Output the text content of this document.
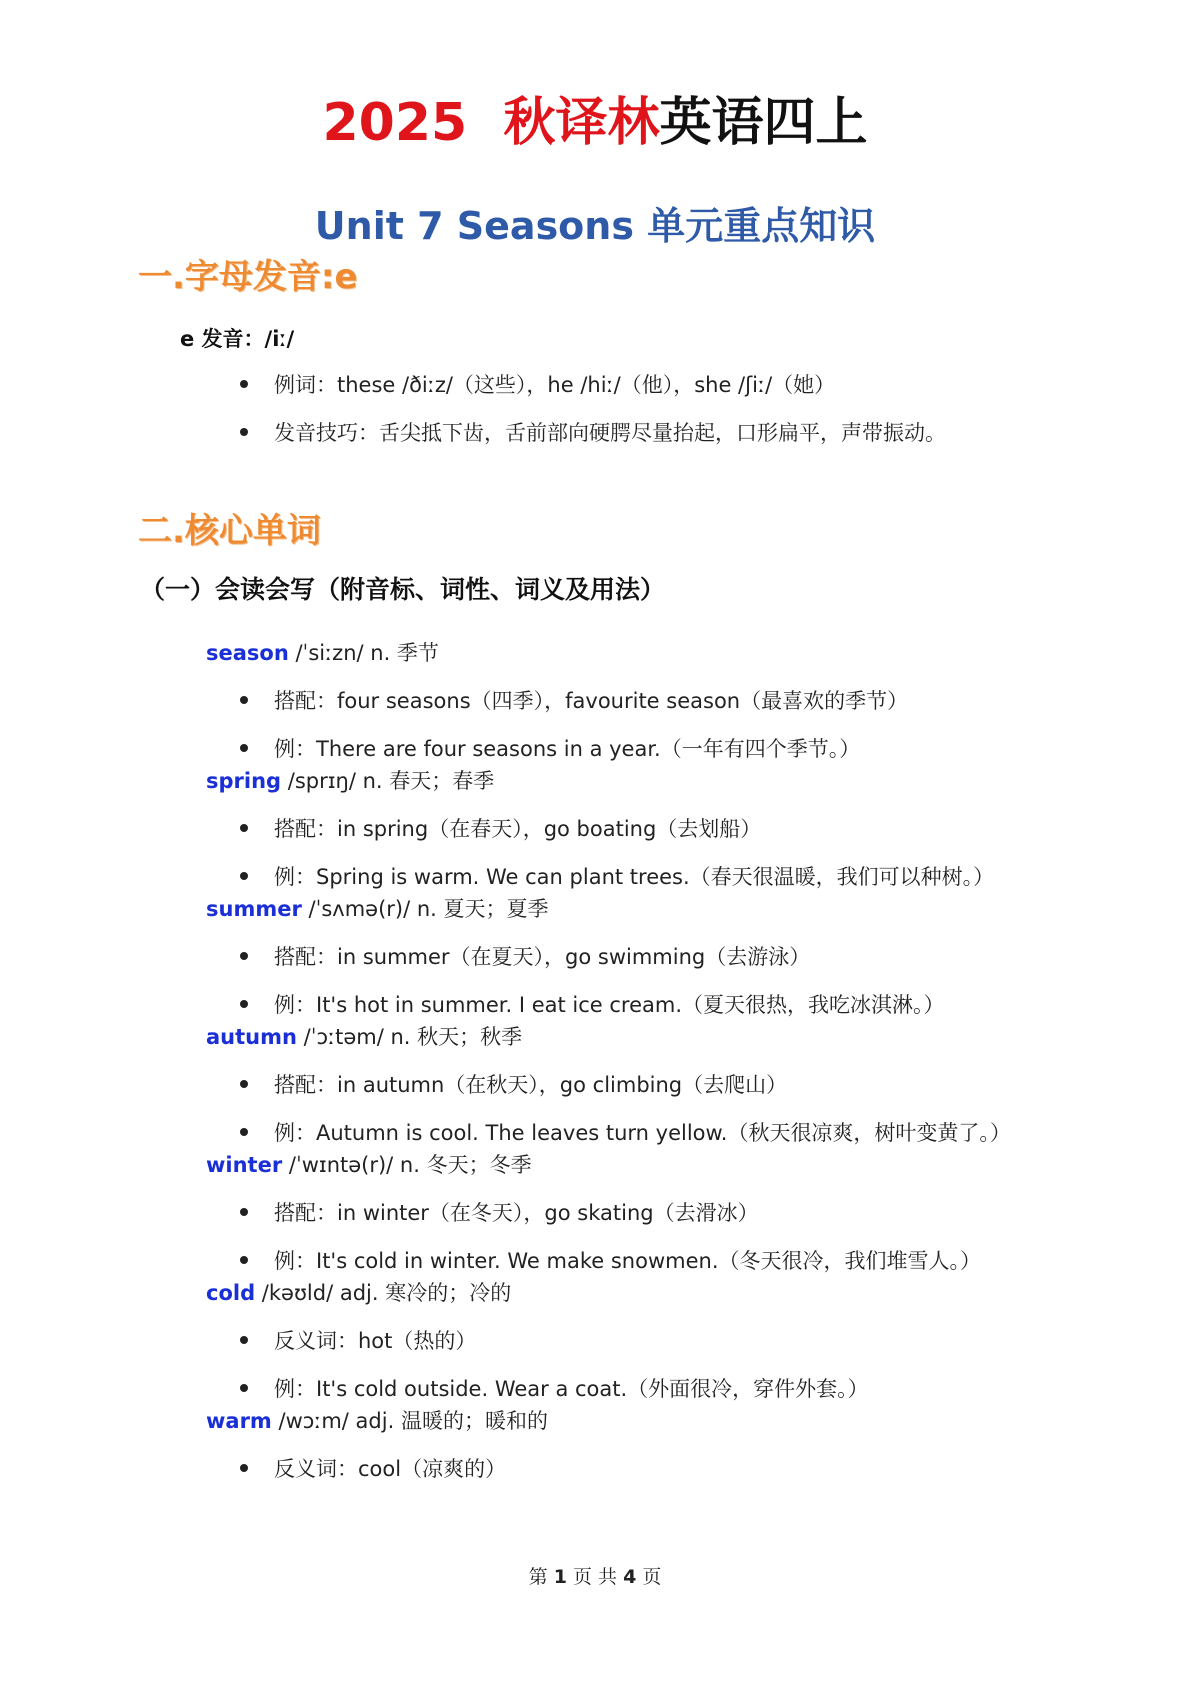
2025 秋译林英语四上
Unit 7 Seasons 单元重点知识
一.字母发音:e
e 发音：/iː/
例词：these /ðiːz/（这些），he /hiː/（他），she /ʃiː/（她）
发音技巧：舌尖抵下齿，舌前部向硬腭尽量抬起，口形扁平，声带振动。
二.核心单词
（一）会读会写（附音标、词性、词义及用法）
season /ˈsiːzn/ n. 季节
搭配：four seasons（四季），favourite season（最喜欢的季节）
例：There are four seasons in a year.（一年有四个季节。）
spring /sprɪŋ/ n. 春天；春季
搭配：in spring（在春天），go boating（去划船）
例：Spring is warm. We can plant trees.（春天很温暖，我们可以种树。）
summer /ˈsʌmə(r)/ n. 夏天；夏季
搭配：in summer（在夏天），go swimming（去游泳）
例：It's hot in summer. I eat ice cream.（夏天很热，我吃冰淇淋。）
autumn /ˈɔːtəm/ n. 秋天；秋季
搭配：in autumn（在秋天），go climbing（去爬山）
例：Autumn is cool. The leaves turn yellow.（秋天很凉爽，树叶变黄了。）
winter /ˈwɪntə(r)/ n. 冬天；冬季
搭配：in winter（在冬天），go skating（去滑冰）
例：It's cold in winter. We make snowmen.（冬天很冷，我们堆雪人。）
cold /kəʊld/ adj. 寒冷的；冷的
反义词：hot（热的）
例：It's cold outside. Wear a coat.（外面很冷，穿件外套。）
warm /wɔːm/ adj. 温暖的；暖和的
反义词：cool（凉爽的）
第 1 页 共 4 页
